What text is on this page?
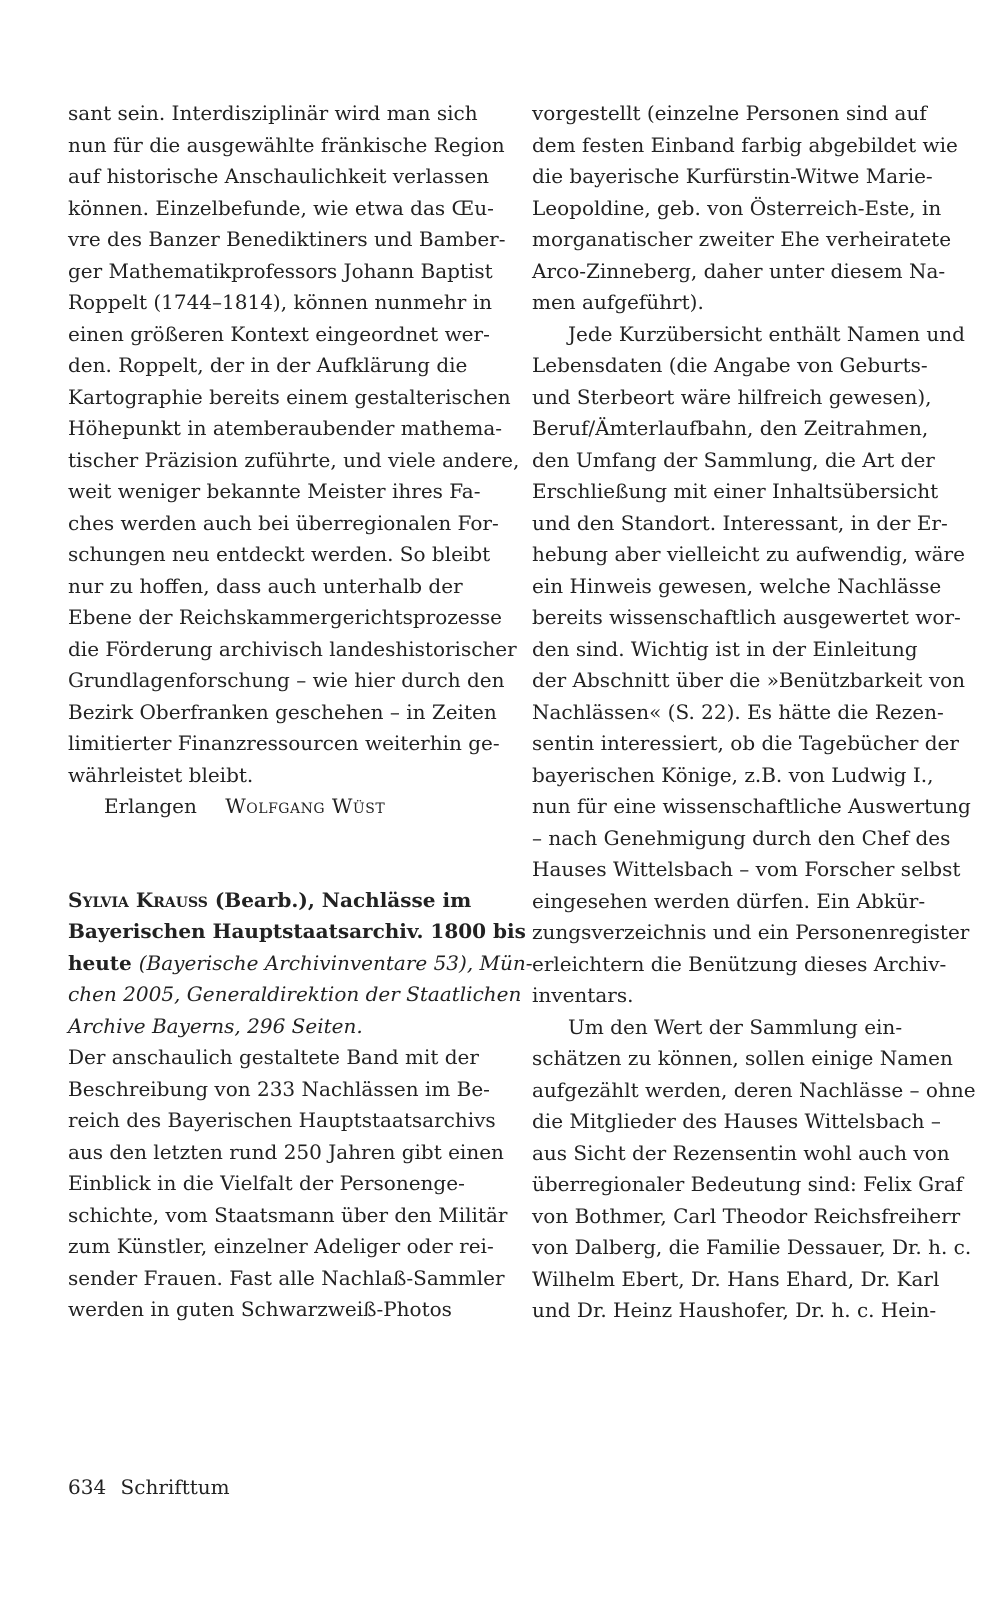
sant sein. Interdisziplinär wird man sich
nun für die ausgewählte fränkische Region
auf historische Anschaulichkeit verlassen
können. Einzelbefunde, wie etwa das Œu-
vre des Banzer Benediktiners und Bamber-
ger Mathematikprofessors Johann Baptist
Roppelt (1744–1814), können nunmehr in
einen größeren Kontext eingeordnet wer-
den. Roppelt, der in der Aufklärung die
Kartographie bereits einem gestalterischen
Höhepunkt in atemberaubender mathema-
tischer Präzision zuführte, und viele andere,
weit weniger bekannte Meister ihres Fa-
ches werden auch bei überregionalen For-
schungen neu entdeckt werden. So bleibt
nur zu hoffen, dass auch unterhalb der
Ebene der Reichskammergerichtsprozesse
die Förderung archivisch landeshistorischer
Grundlagenforschung – wie hier durch den
Bezirk Oberfranken geschehen – in Zeiten
limitierter Finanzressourcen weiterhin ge-
währleistet bleibt.
Erlangen Wolfgang Wüst
Sylvia Krauss (Bearb.), Nachlässe im
Bayerischen Hauptstaatsarchiv. 1800 bis
heute (Bayerische Archivinventare 53), Mün-
chen 2005, Generaldirektion der Staatlichen
Archive Bayerns, 296 Seiten.
Der anschaulich gestaltete Band mit der
Beschreibung von 233 Nachlässen im Be-
reich des Bayerischen Hauptstaatsarchivs
aus den letzten rund 250 Jahren gibt einen
Einblick in die Vielfalt der Personenge-
schichte, vom Staatsmann über den Militär
zum Künstler, einzelner Adeliger oder rei-
sender Frauen. Fast alle Nachlaß-Sammler
werden in guten Schwarzweiß-Photos
vorgestellt (einzelne Personen sind auf
dem festen Einband farbig abgebildet wie
die bayerische Kurfürstin-Witwe Marie-
Leopoldine, geb. von Österreich-Este, in
morganatischer zweiter Ehe verheiratete
Arco-Zinneberg, daher unter diesem Na-
men aufgeführt).
Jede Kurzübersicht enthält Namen und
Lebensdaten (die Angabe von Geburts-
und Sterbeort wäre hilfreich gewesen),
Beruf/Ämterlaufbahn, den Zeitrahmen,
den Umfang der Sammlung, die Art der
Erschließung mit einer Inhaltsübersicht
und den Standort. Interessant, in der Er-
hebung aber vielleicht zu aufwendig, wäre
ein Hinweis gewesen, welche Nachlässe
bereits wissenschaftlich ausgewertet wor-
den sind. Wichtig ist in der Einleitung
der Abschnitt über die »Benützbarkeit von
Nachlässen« (S. 22). Es hätte die Rezen-
sentin interessiert, ob die Tagebücher der
bayerischen Könige, z.B. von Ludwig I.,
nun für eine wissenschaftliche Auswertung
– nach Genehmigung durch den Chef des
Hauses Wittelsbach – vom Forscher selbst
eingesehen werden dürfen. Ein Abkür-
zungsverzeichnis und ein Personenregister
erleichtern die Benützung dieses Archiv-
inventars.
Um den Wert der Sammlung ein-
schätzen zu können, sollen einige Namen
aufgezählt werden, deren Nachlässe – ohne
die Mitglieder des Hauses Wittelsbach –
aus Sicht der Rezensentin wohl auch von
überregionaler Bedeutung sind: Felix Graf
von Bothmer, Carl Theodor Reichsfreiherr
von Dalberg, die Familie Dessauer, Dr. h. c.
Wilhelm Ebert, Dr. Hans Ehard, Dr. Karl
und Dr. Heinz Haushofer, Dr. h. c. Hein-
634 Schrifttum
